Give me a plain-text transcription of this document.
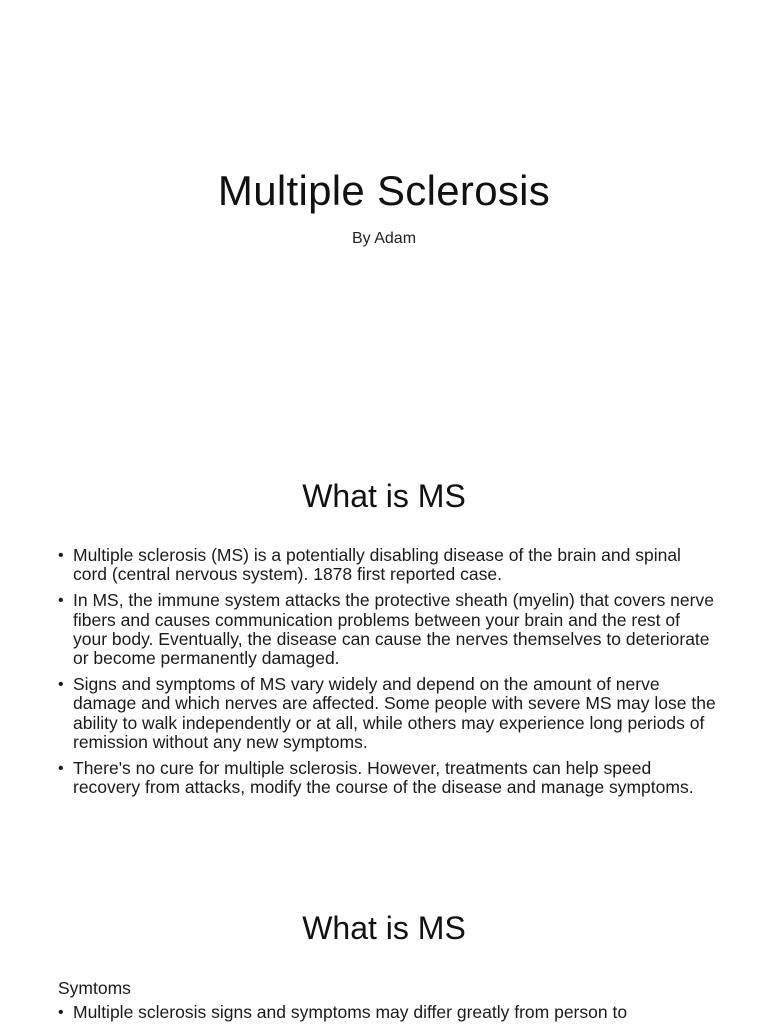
Multiple Sclerosis
By Adam
What is MS
• Multiple sclerosis (MS) is a potentially disabling disease of the brain and spinal cord (central nervous system). 1878 first reported case.
• In MS, the immune system attacks the protective sheath (myelin) that covers nerve fibers and causes communication problems between your brain and the rest of your body. Eventually, the disease can cause the nerves themselves to deteriorate or become permanently damaged.
• Signs and symptoms of MS vary widely and depend on the amount of nerve damage and which nerves are affected. Some people with severe MS may lose the ability to walk independently or at all, while others may experience long periods of remission without any new symptoms.
• There's no cure for multiple sclerosis. However, treatments can help speed recovery from attacks, modify the course of the disease and manage symptoms.
What is MS
Symtoms
• Multiple sclerosis signs and symptoms may differ greatly from person to
